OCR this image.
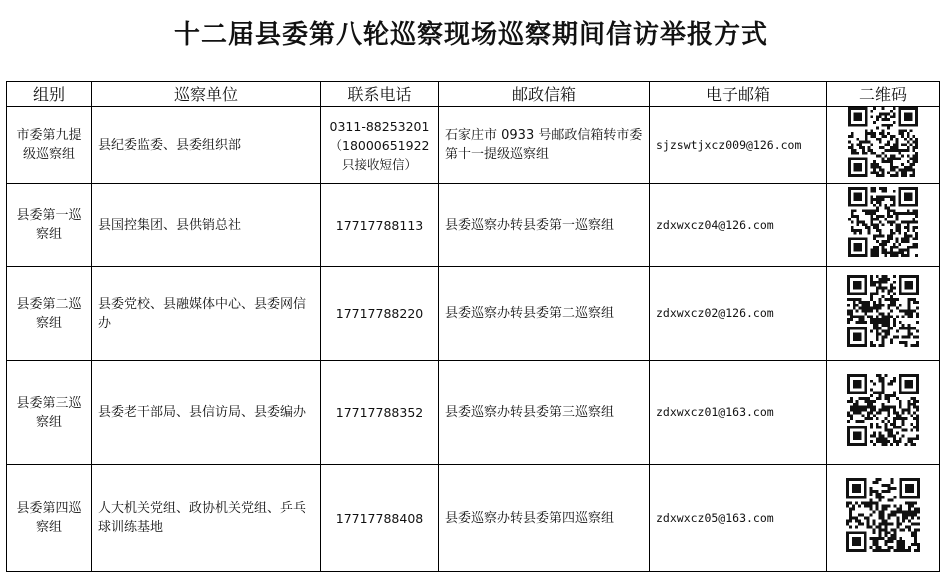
十二届县委第八轮巡察现场巡察期间信访举报方式
组别	巡察单位	联系电话	邮政信箱	电子邮箱	二维码
市委第九提级巡察组	县纪委监委、县委组织部	0311-88253201（18000651922只接收短信）	石家庄市 0933 号邮政信箱转市委第十一提级巡察组	sjzswtjxcz009@126.com	
县委第一巡察组	县国控集团、县供销总社	17717788113	县委巡察办转县委第一巡察组	zdxwxcz04@126.com	
县委第二巡察组	县委党校、县融媒体中心、县委网信办	17717788220	县委巡察办转县委第二巡察组	zdxwxcz02@126.com	
县委第三巡察组	县委老干部局、县信访局、县委编办	17717788352	县委巡察办转县委第三巡察组	zdxwxcz01@163.com	
县委第四巡察组	人大机关党组、政协机关党组、乒乓球训练基地	17717788408	县委巡察办转县委第四巡察组	zdxwxcz05@163.com	
